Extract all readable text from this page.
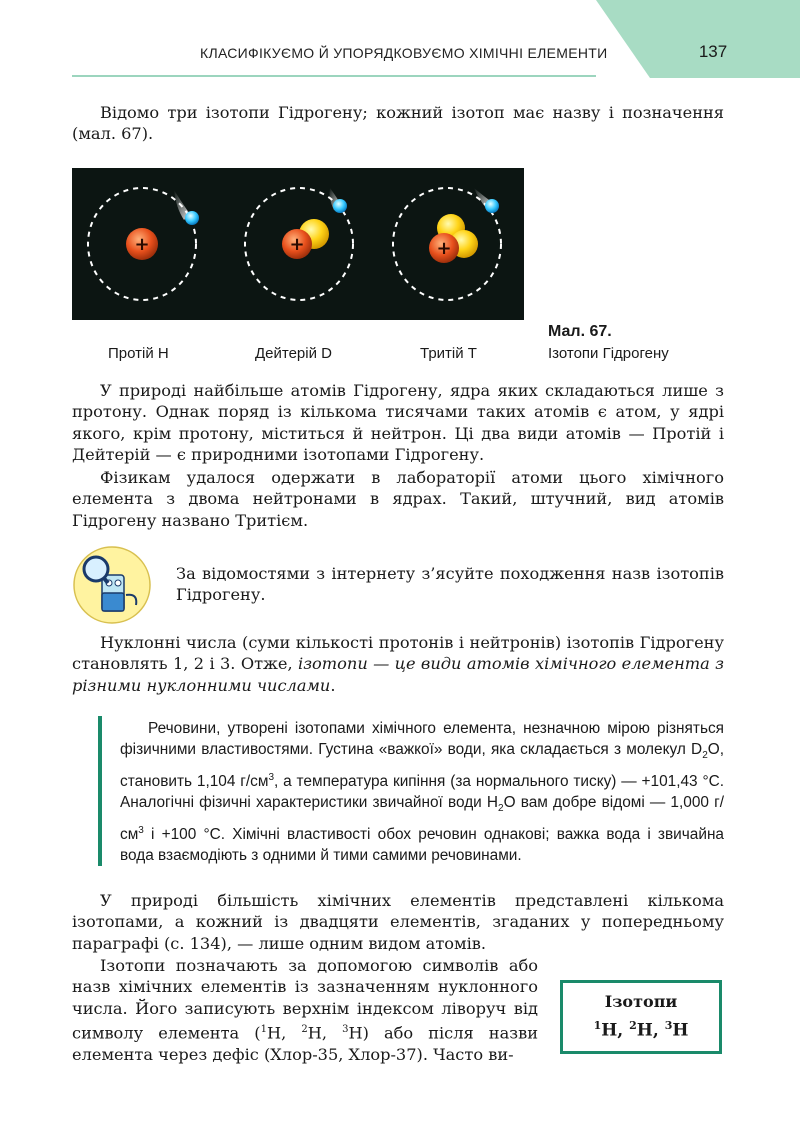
КЛАСИФІКУЄМО Й УПОРЯДКОВУЄМО ХІМІЧНІ ЕЛЕМЕНТИ	137

Відомо три ізотопи Гідрогену; кожний ізотоп має назву і позначення (мал. 67).

+	+	+
Протій H	Дейтерій D	Тритій T
Мал. 67.
Ізотопи Гідрогену

У природі найбільше атомів Гідрогену, ядра яких складаються лише з протону. Однак поряд із кількома тисячами таких атомів є атом, у ядрі якого, крім протону, міститься й нейтрон. Ці два види атомів — Протій і Дейтерій — є природними ізотопами Гідрогену.

Фізикам удалося одержати в лабораторії атоми цього хімічного елемента з двома нейтронами в ядрах. Такий, штучний, вид атомів Гідрогену названо Тритієм.

За відомостями з інтернету з’ясуйте походження назв ізотопів Гідрогену.

Нуклонні числа (суми кількості протонів і нейтронів) ізотопів Гідрогену становлять 1, 2 і 3. Отже, ізотопи — це види атомів хімічного елемента з різними нуклонними числами.

Речовини, утворені ізотопами хімічного елемента, незначною мірою різняться фізичними властивостями. Густина «важкої» води, яка складається з молекул $D_2O$, становить 1,104 $г/см^3$, а температура кипіння (за нормального тиску) — +101,43 °С. Аналогічні фізичні характеристики звичайної води $H_2O$ вам добре відомі — 1,000 $г/см^3$ і +100 °С. Хімічні властивості обох речовин однакові; важка вода і звичайна вода взаємодіють з одними й тими самими речовинами.

У природі більшість хімічних елементів представлені кількома ізотопами, а кожний із двадцяти елементів, згаданих у попередньому параграфі (с. 134), — лише одним видом атомів.

Ізотопи позначають за допомогою символів або назв хімічних елементів із зазначенням нуклонного числа. Його записують верхнім індексом ліворуч від символу елемента ($^1$H, $^2$H, $^3$H) або після назви елемента через дефіс (Хлор-35, Хлор-37). Часто ви-

Ізотопи
$^1$H, $^2$H, $^3$H
